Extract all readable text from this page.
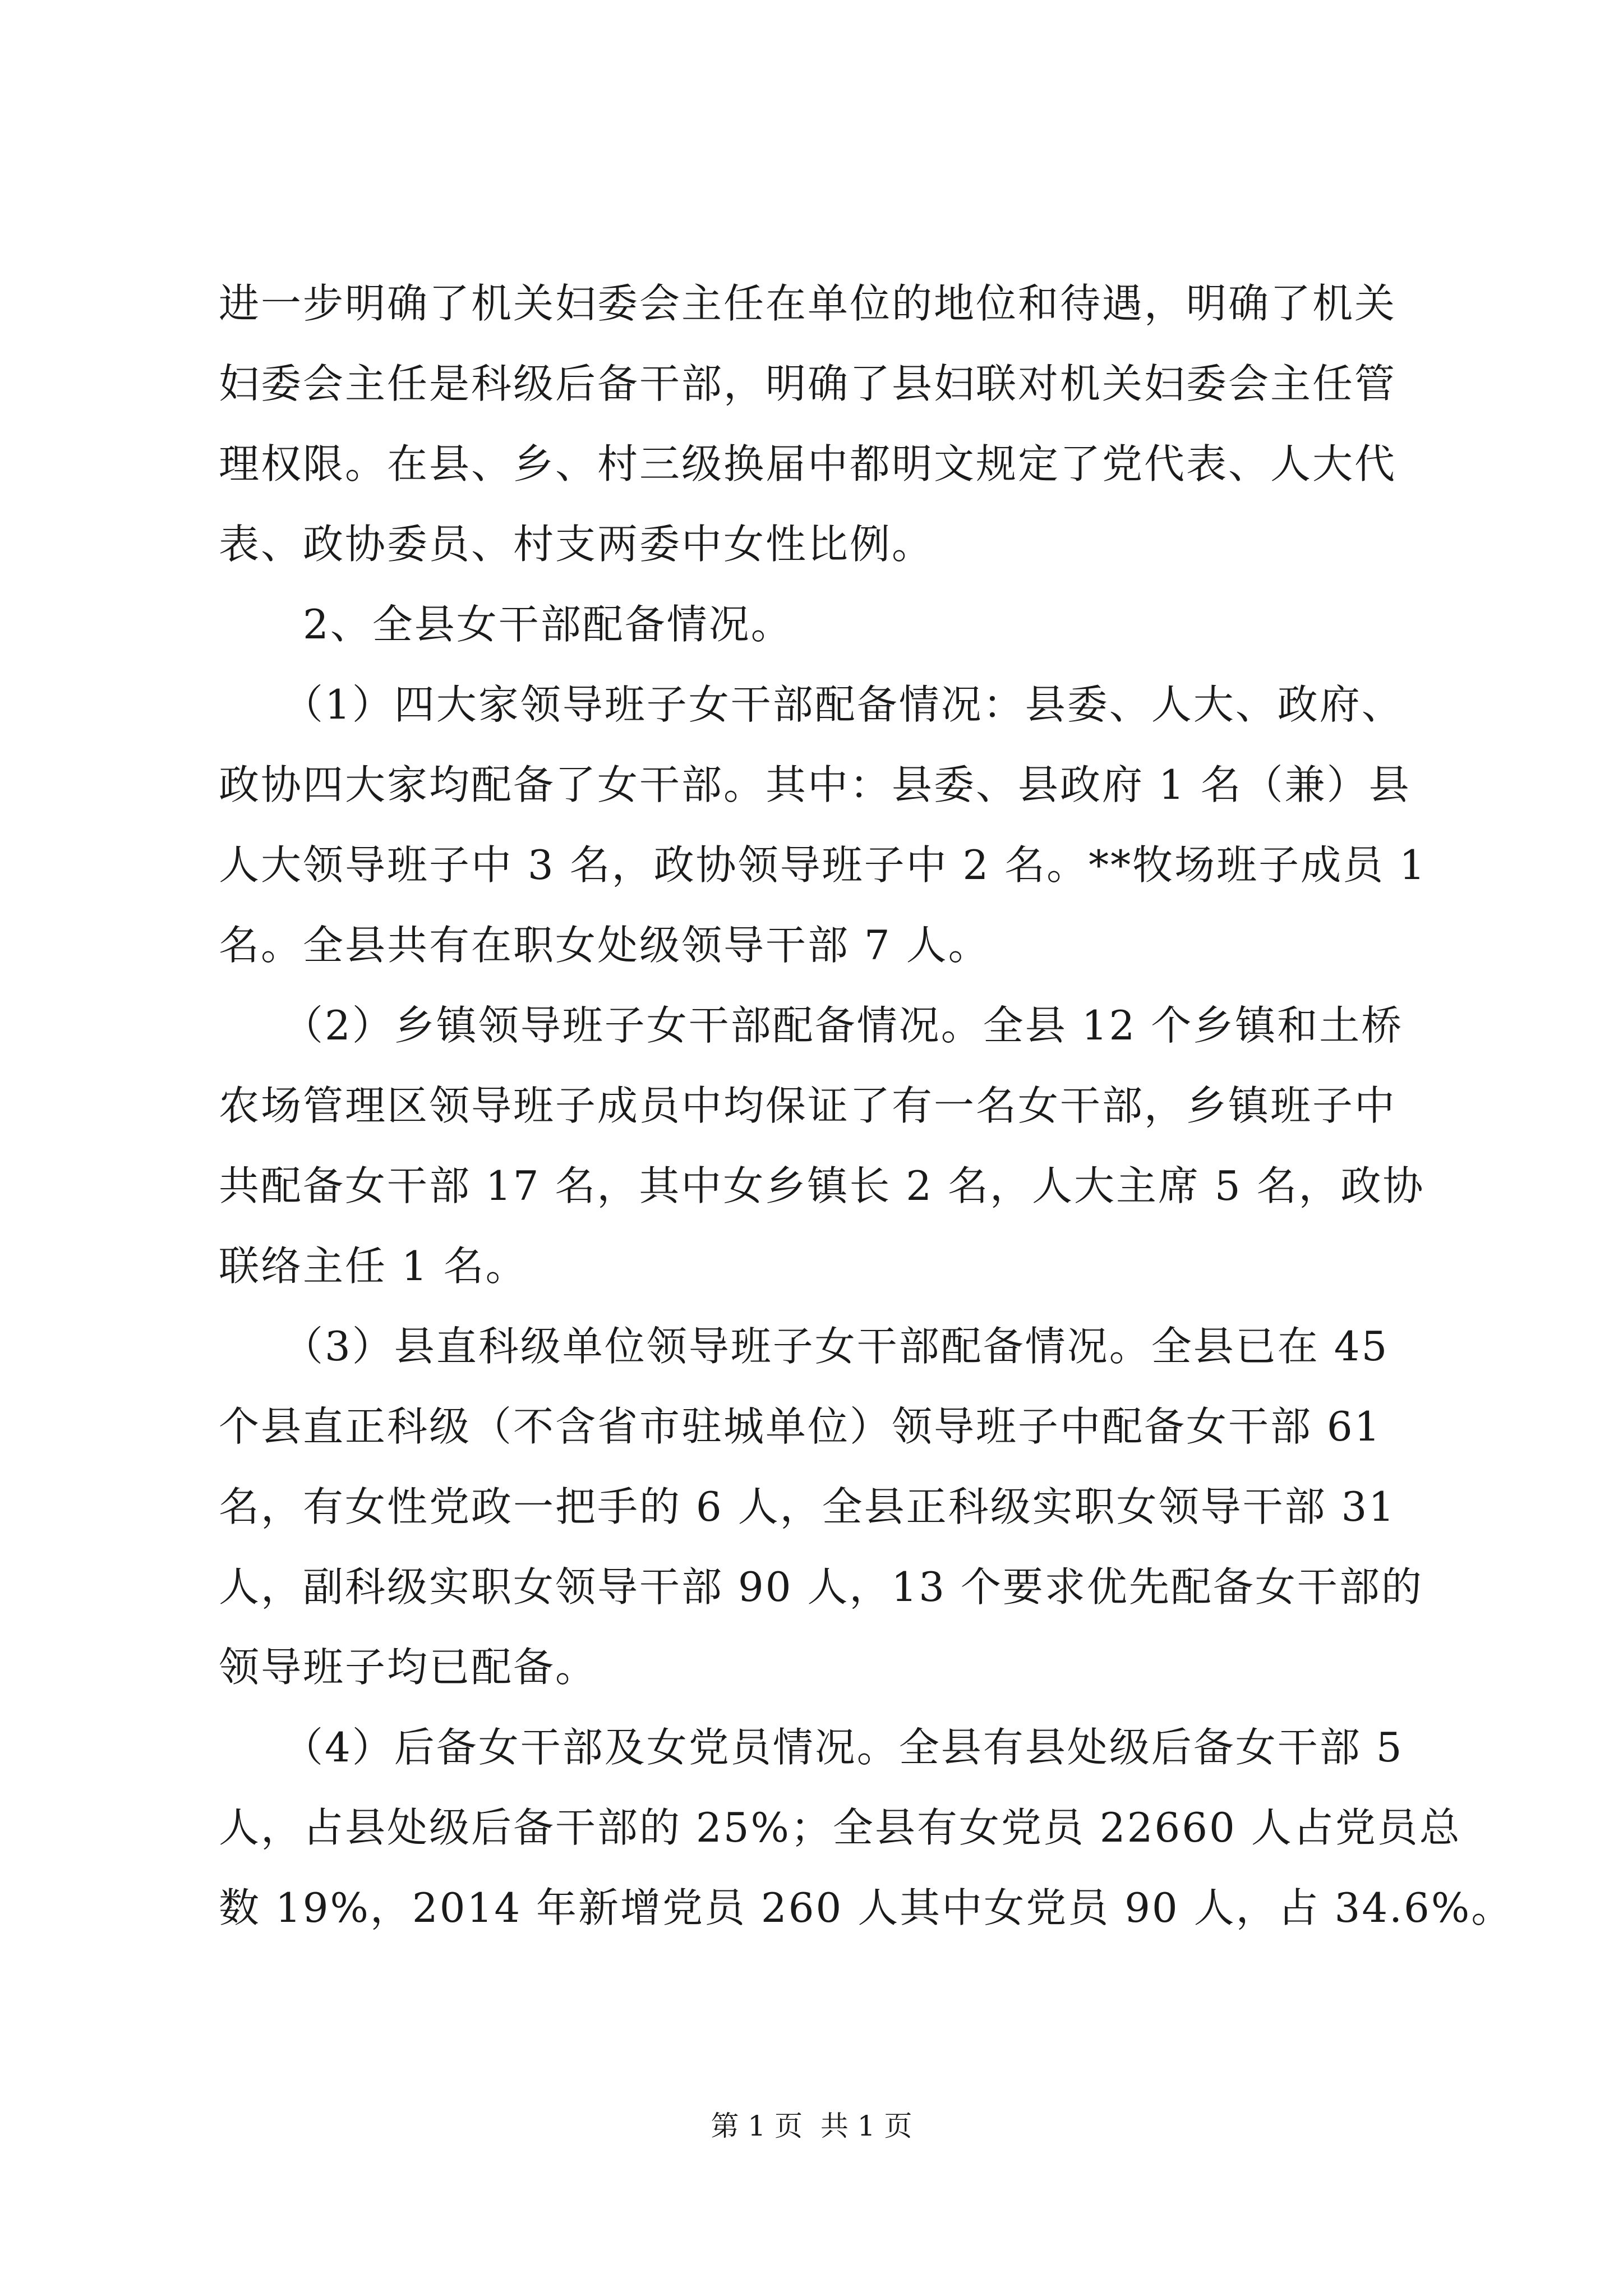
进一步明确了机关妇委会主任在单位的地位和待遇，明确了机关
妇委会主任是科级后备干部，明确了县妇联对机关妇委会主任管
理权限。在县、乡、村三级换届中都明文规定了党代表、人大代
表、政协委员、村支两委中女性比例。
　　2、全县女干部配备情况。
　　（1）四大家领导班子女干部配备情况：县委、人大、政府、
政协四大家均配备了女干部。其中：县委、县政府 1 名（兼）县
人大领导班子中 3 名，政协领导班子中 2 名。**牧场班子成员 1
名。全县共有在职女处级领导干部 7 人。
　　（2）乡镇领导班子女干部配备情况。全县 12 个乡镇和土桥
农场管理区领导班子成员中均保证了有一名女干部，乡镇班子中
共配备女干部 17 名，其中女乡镇长 2 名，人大主席 5 名，政协
联络主任 1 名。
　　（3）县直科级单位领导班子女干部配备情况。全县已在 45
个县直正科级（不含省市驻城单位）领导班子中配备女干部 61
名，有女性党政一把手的 6 人，全县正科级实职女领导干部 31
人，副科级实职女领导干部 90 人，13 个要求优先配备女干部的
领导班子均已配备。
　　（4）后备女干部及女党员情况。全县有县处级后备女干部 5
人，占县处级后备干部的 25%；全县有女党员 22660 人占党员总
数 19%，2014 年新增党员 260 人其中女党员 90 人，占 34.6%。
第 1 页  共 1 页
